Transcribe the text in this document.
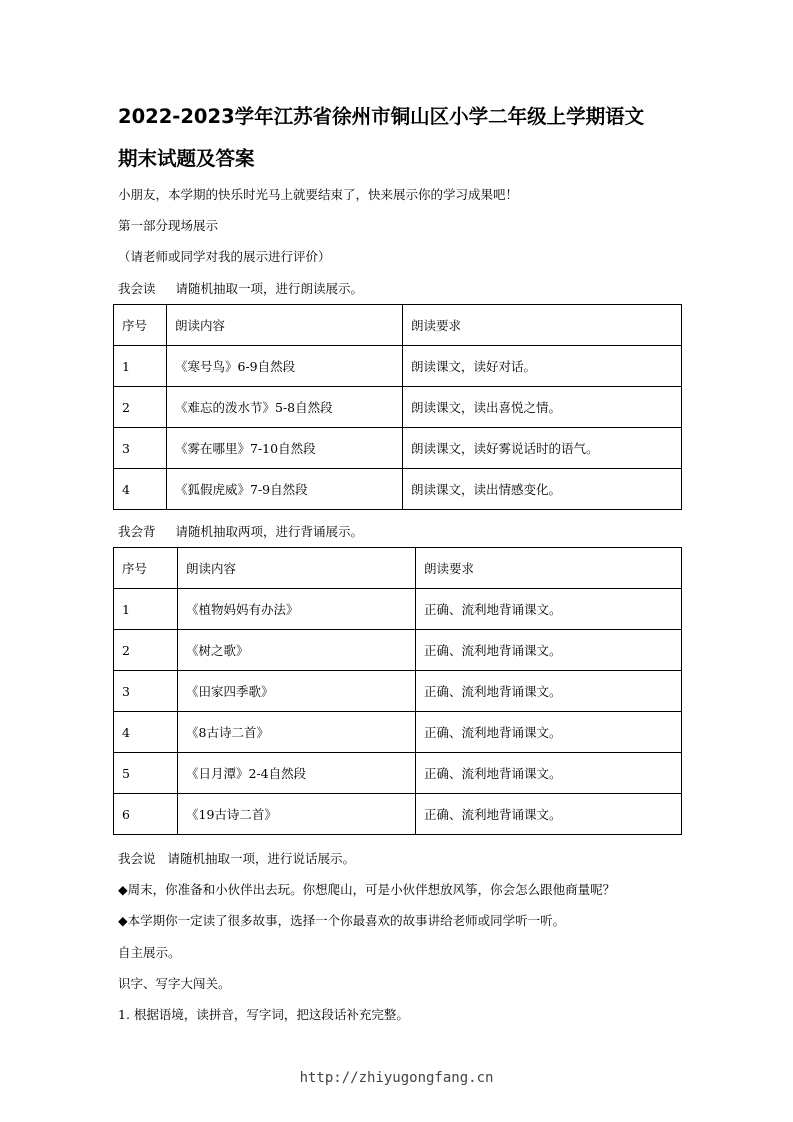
2022-2023学年江苏省徐州市铜山区小学二年级上学期语文
期末试题及答案
小朋友，本学期的快乐时光马上就要结束了，快来展示你的学习成果吧！
第一部分现场展示
（请老师或同学对我的展示进行评价）
我会读 请随机抽取一项，进行朗读展示。
序号	朗读内容	朗读要求
1	《寒号鸟》6-9自然段	朗读课文，读好对话。
2	《难忘的泼水节》5-8自然段	朗读课文，读出喜悦之情。
3	《雾在哪里》7-10自然段	朗读课文，读好雾说话时的语气。
4	《狐假虎威》7-9自然段	朗读课文，读出情感变化。
我会背 请随机抽取两项，进行背诵展示。
序号	朗读内容	朗读要求
1	《植物妈妈有办法》	正确、流利地背诵课文。
2	《树之歌》	正确、流利地背诵课文。
3	《田家四季歌》	正确、流利地背诵课文。
4	《8古诗二首》	正确、流利地背诵课文。
5	《日月潭》2-4自然段	正确、流利地背诵课文。
6	《19古诗二首》	正确、流利地背诵课文。
我会说 请随机抽取一项，进行说话展示。
◆周末，你准备和小伙伴出去玩。你想爬山，可是小伙伴想放风筝，你会怎么跟他商量呢？
◆本学期你一定读了很多故事，选择一个你最喜欢的故事讲给老师或同学听一听。
自主展示。
识字、写字大闯关。
1. 根据语境，读拼音，写字词，把这段话补充完整。
http://zhiyugongfang.cn
